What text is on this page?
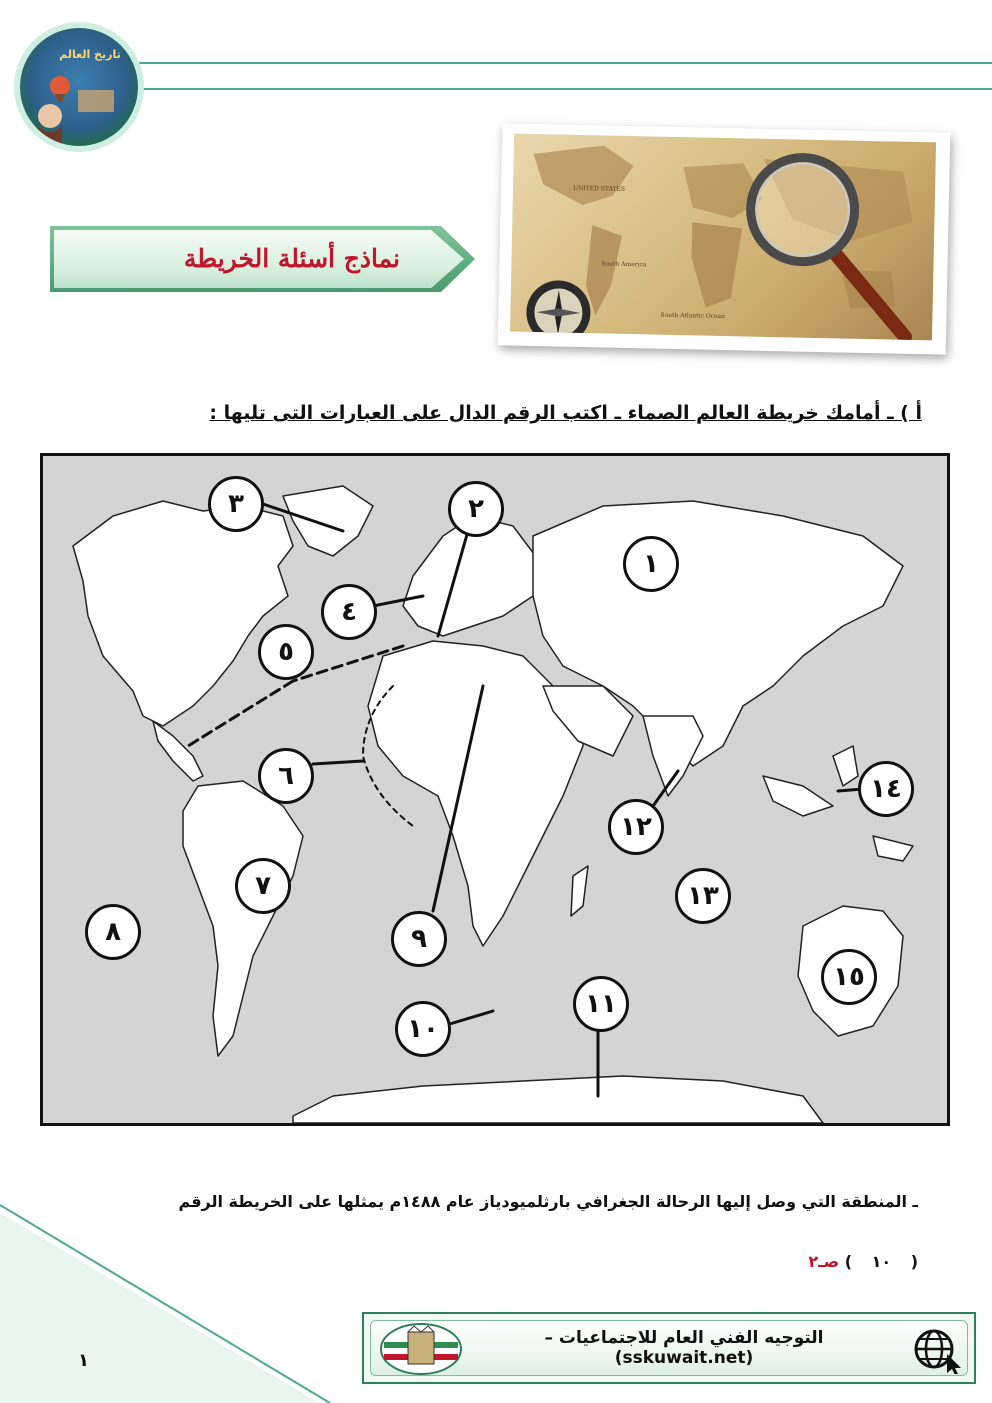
تاريخ العالم
نماذج أسئلة الخريطة
UNITED STATES
South America
South Atlantic Ocean
أ ) ـ أمامك خريطة العالم الصماء ـ اكتب الرقم الدال على العبارات التى تليها :
١
٢
٣
٤
٥
٦
٧
٨	٩
١٠
١١
١٢
١٣
١٤
١٥
ـ المنطقة التي وصل إليها الرحالة الجغرافي بارثلميودياز عام ١٤٨٨م يمثلها على الخريطة الرقم
( ١٠ ) صـ٢
التوجيه الفني العام للاجتماعيات – (sskuwait.net)
١
